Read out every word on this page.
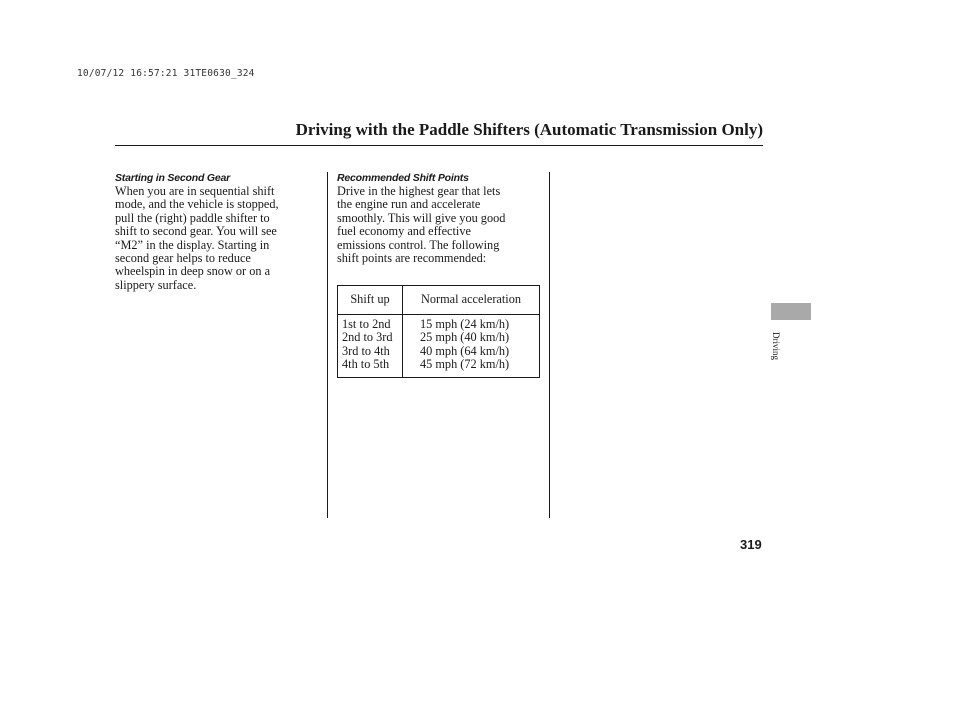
10/07/12 16:57:21 31TE0630_324
Driving with the Paddle Shifters (Automatic Transmission Only)
Starting in Second Gear
When you are in sequential shift
mode, and the vehicle is stopped,
pull the (right) paddle shifter to
shift to second gear. You will see
“M2” in the display. Starting in
second gear helps to reduce
wheelspin in deep snow or on a
slippery surface.
Recommended Shift Points
Drive in the highest gear that lets
the engine run and accelerate
smoothly. This will give you good
fuel economy and effective
emissions control. The following
shift points are recommended:
Shift up	Normal acceleration
1st to 2nd
2nd to 3rd
3rd to 4th
4th to 5th
15 mph (24 km/h)
25 mph (40 km/h)
40 mph (64 km/h)
45 mph (72 km/h)
Driving
319
